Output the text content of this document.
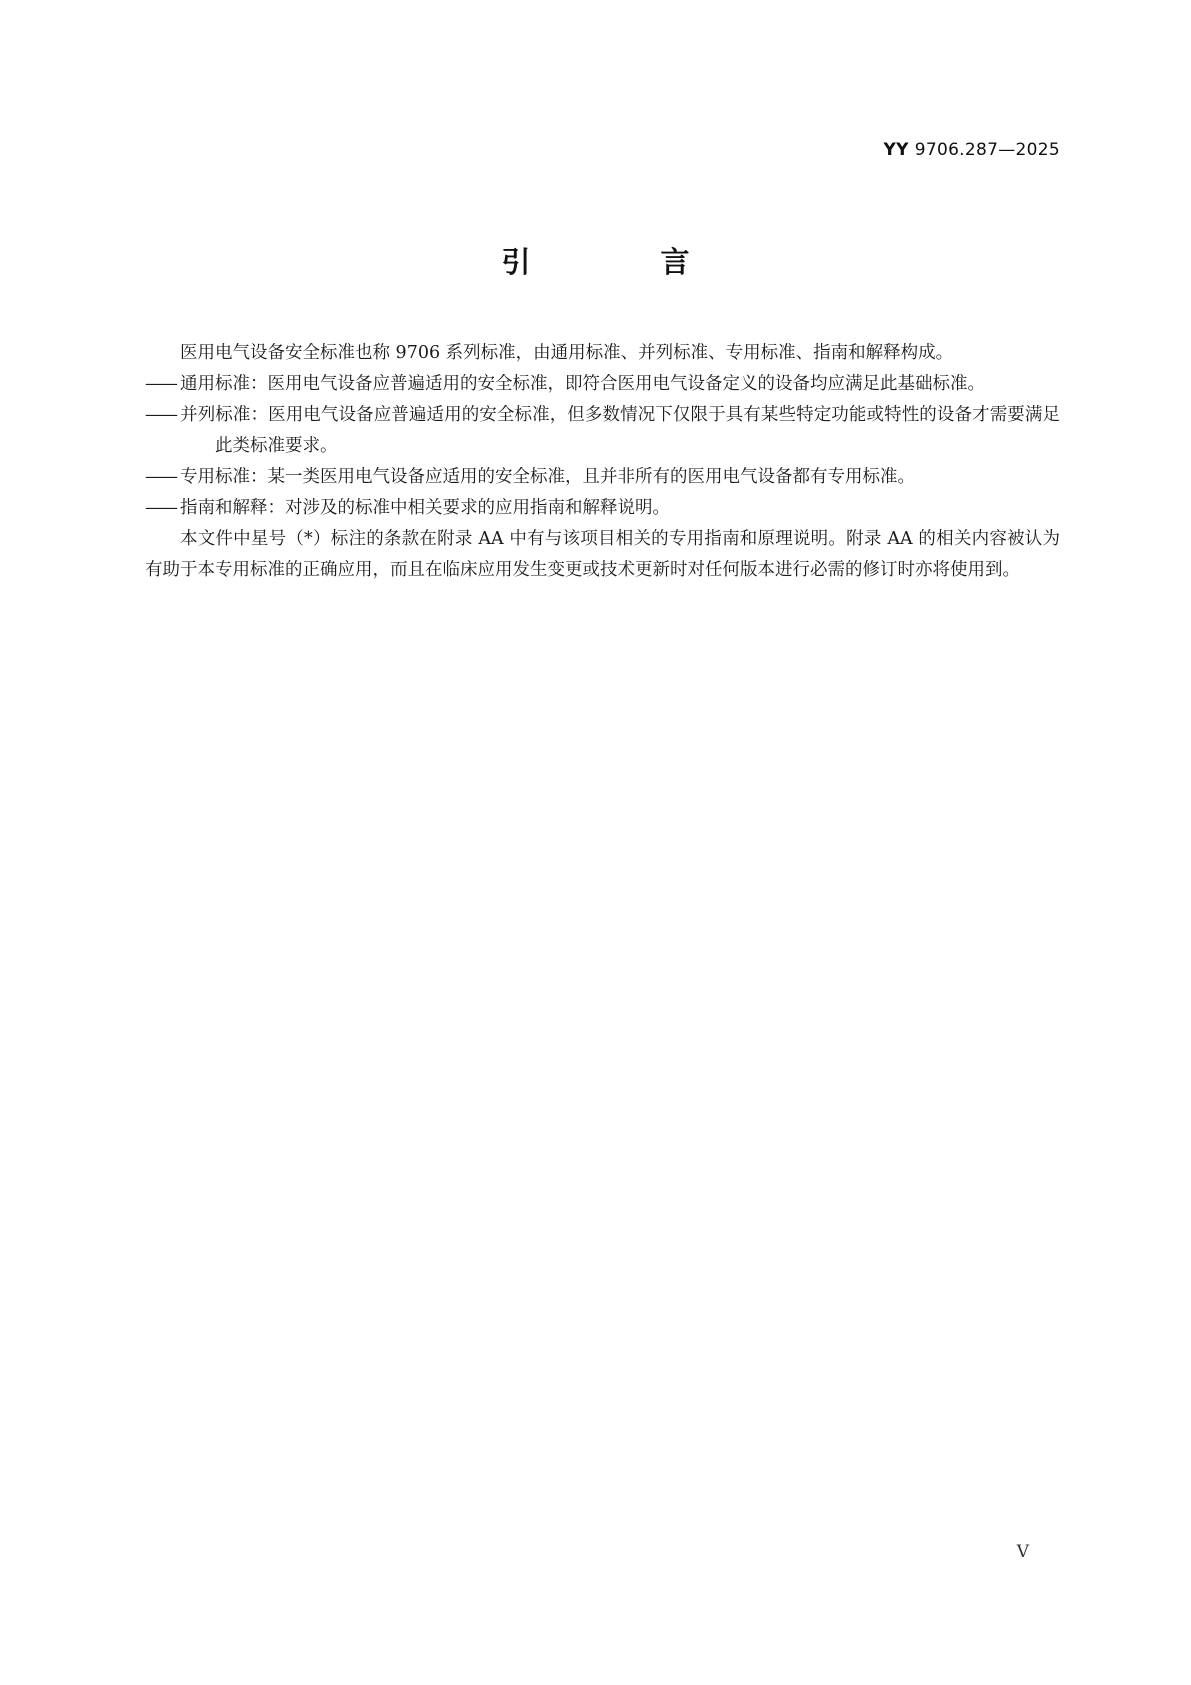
YY 9706.287—2025
引 言

医用电气设备安全标准也称 9706 系列标准，由通用标准、并列标准、专用标准、指南和解释构成。

—— 通用标准：医用电气设备应普遍适用的安全标准，即符合医用电气设备定义的设备均应满足此基础标准。

—— 并列标准：医用电气设备应普遍适用的安全标准，但多数情况下仅限于具有某些特定功能或特性的设备才需要满足此类标准要求。

—— 专用标准：某一类医用电气设备应适用的安全标准，且并非所有的医用电气设备都有专用标准。

—— 指南和解释：对涉及的标准中相关要求的应用指南和解释说明。

本文件中星号（*）标注的条款在附录 AA 中有与该项目相关的专用指南和原理说明。附录 AA 的相关内容被认为有助于本专用标准的正确应用，而且在临床应用发生变更或技术更新时对任何版本进行必需的修订时亦将使用到。

V
